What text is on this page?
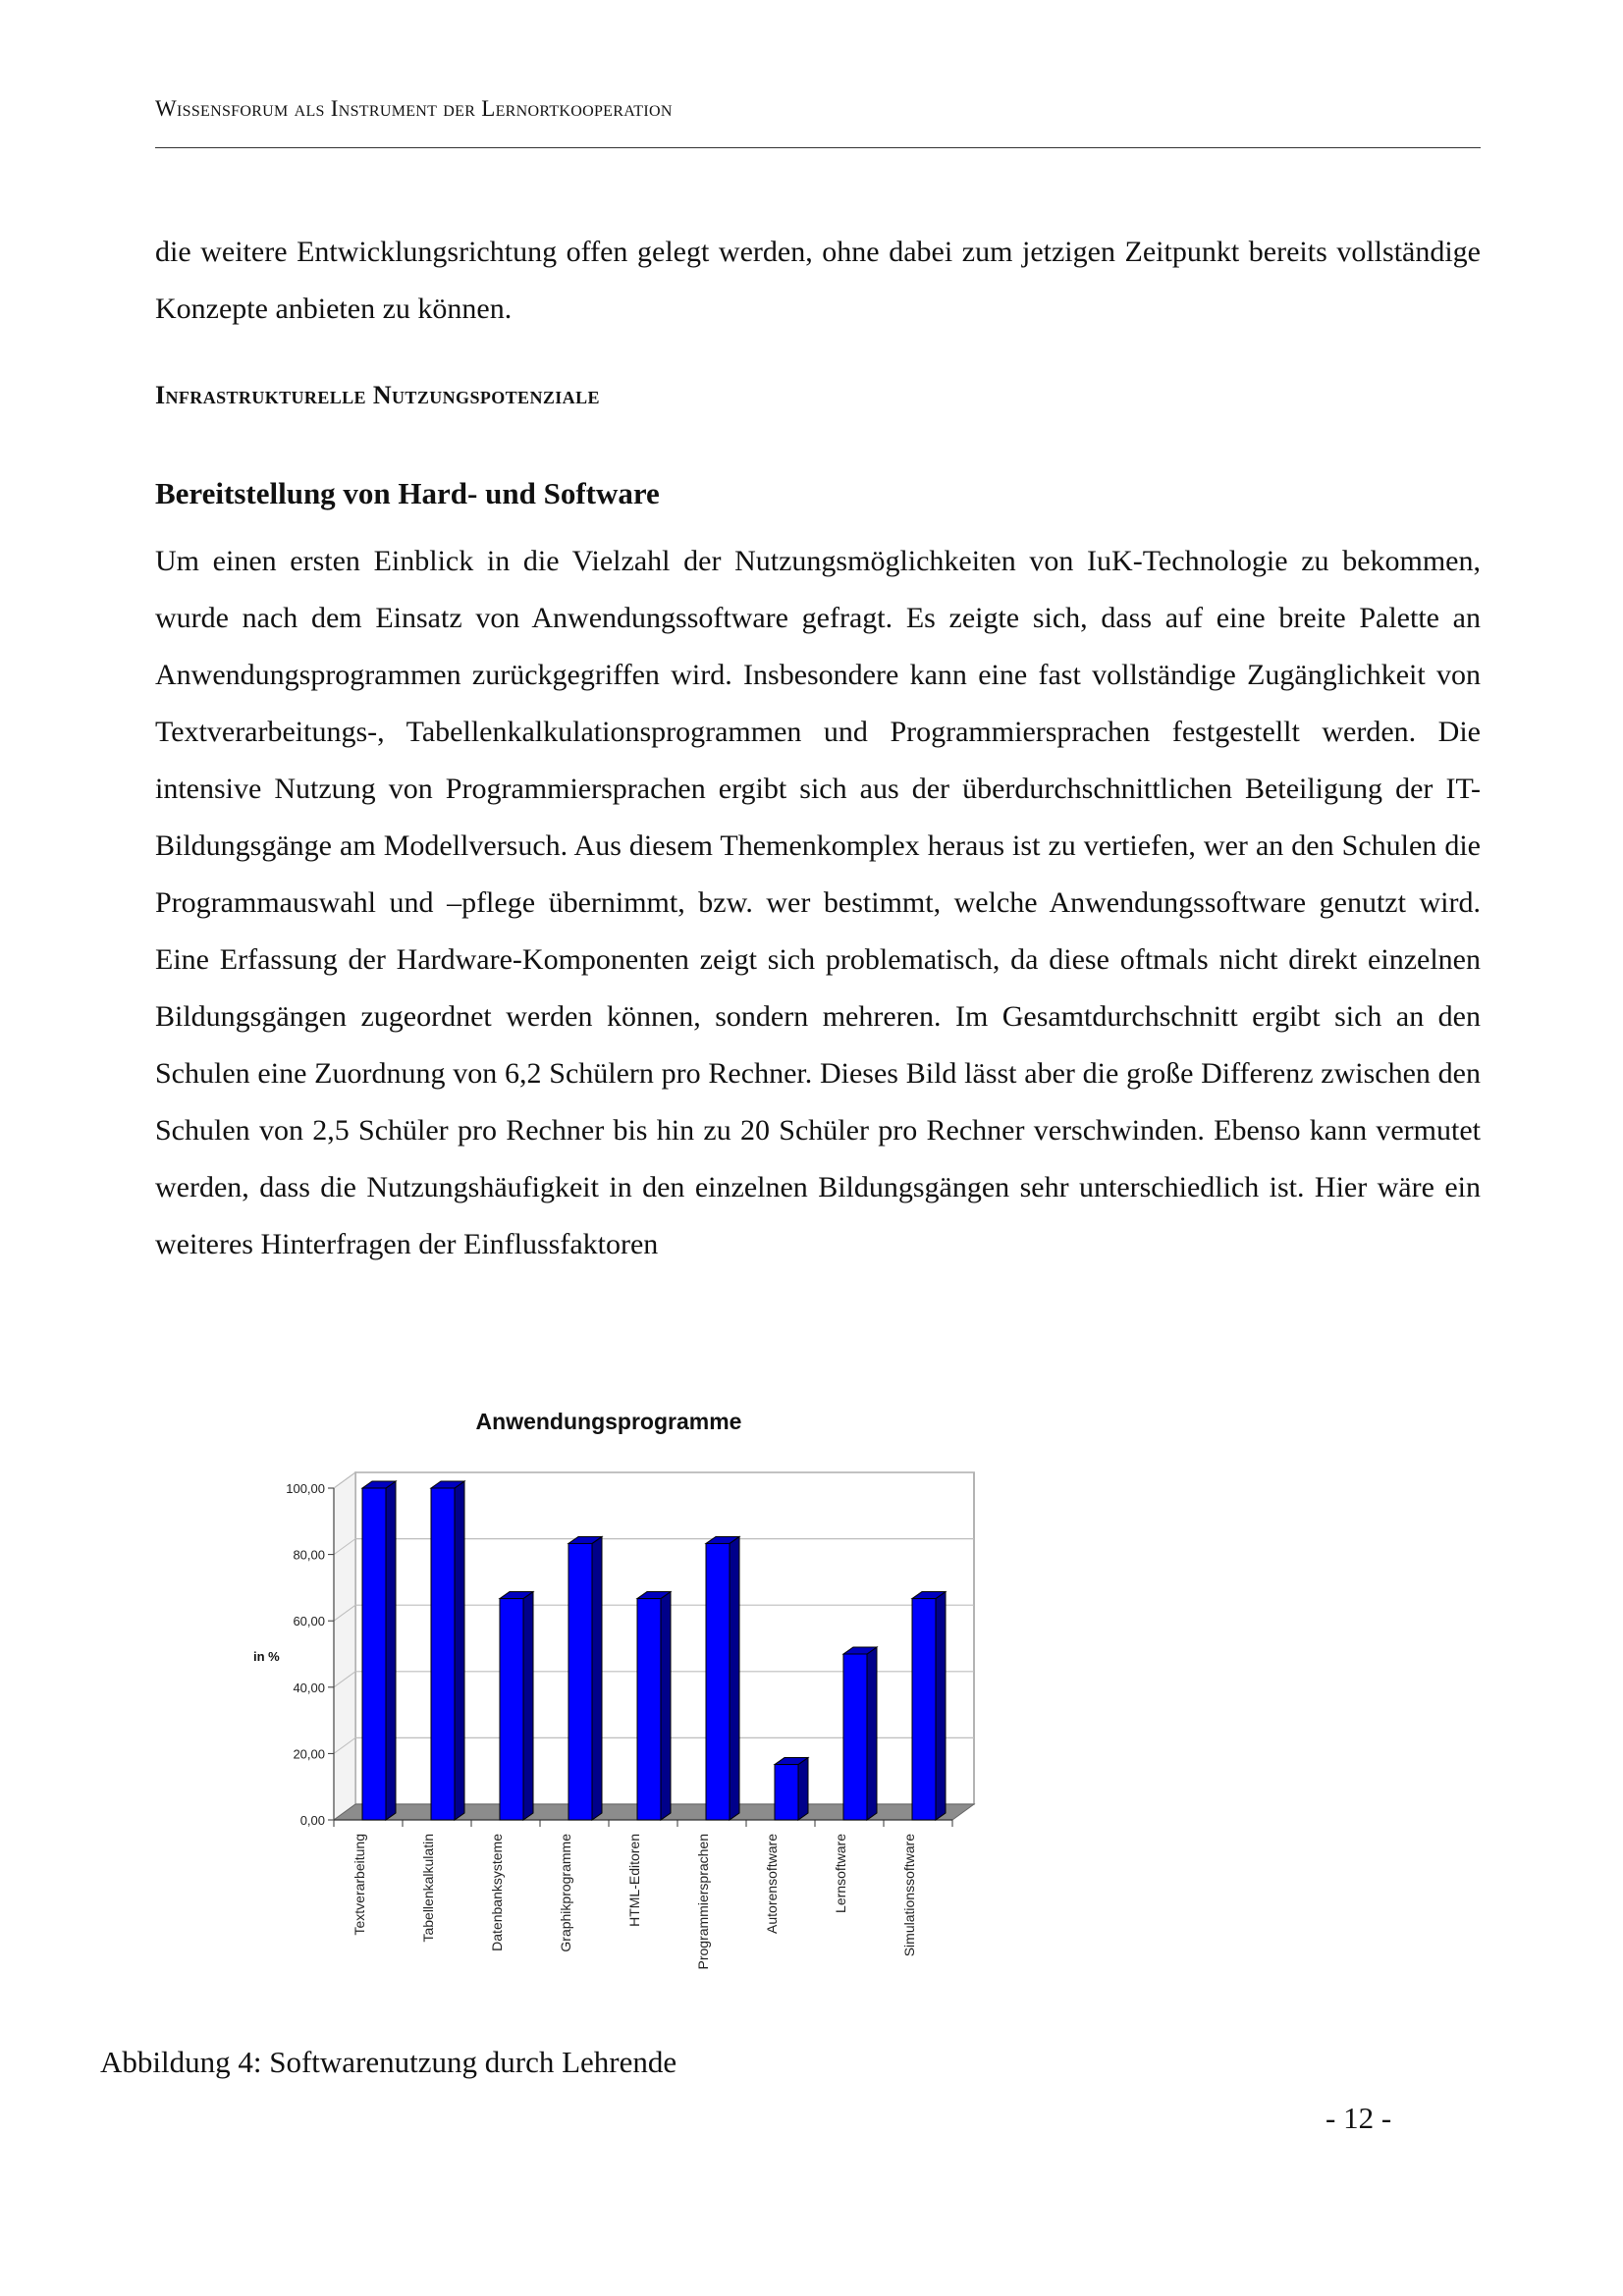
Wissensforum als Instrument der Lernortkooperation

die weitere Entwicklungsrichtung offen gelegt werden, ohne dabei zum jetzigen Zeitpunkt bereits vollständige Konzepte anbieten zu können.

Infrastrukturelle Nutzungspotenziale
Bereitstellung von Hard- und Software

Um einen ersten Einblick in die Vielzahl der Nutzungsmöglichkeiten von IuK-Technologie zu bekommen, wurde nach dem Einsatz von Anwendungssoftware gefragt. Es zeigte sich, dass auf eine breite Palette an Anwendungsprogrammen zurückgegriffen wird. Insbesondere kann eine fast vollständige Zugänglichkeit von Textverarbeitungs-, Tabellenkalkulationsprogrammen und Programmiersprachen festgestellt werden. Die intensive Nutzung von Programmiersprachen ergibt sich aus der überdurchschnittlichen Beteiligung der IT-Bildungsgänge am Modellversuch. Aus diesem Themenkomplex heraus ist zu vertiefen, wer an den Schulen die Programmauswahl und –pflege übernimmt, bzw. wer bestimmt, welche Anwendungssoftware genutzt wird. Eine Erfassung der Hardware-Komponenten zeigt sich problematisch, da diese oftmals nicht direkt einzelnen Bildungsgängen zugeordnet werden können, sondern mehreren. Im Gesamtdurchschnitt ergibt sich an den Schulen eine Zuordnung von 6,2 Schülern pro Rechner. Dieses Bild lässt aber die große Differenz zwischen den Schulen von 2,5 Schüler pro Rechner bis hin zu 20 Schüler pro Rechner verschwinden. Ebenso kann vermutet werden, dass die Nutzungshäufigkeit in den einzelnen Bildungsgängen sehr unterschiedlich ist. Hier wäre ein weiteres Hinterfragen der Einflussfaktoren

Anwendungsprogramme
0,00
20,00
40,00
60,00
80,00
100,00
in %
Textverarbeitung	Tabellenkalkulatin	Datenbanksysteme	Graphikprogramme	HTML-Editoren	Programmiersprachen	Autorensoftware	Lernsoftware	Simulationssoftware

Abbildung 4: Softwarenutzung durch Lehrende

- 12 -
